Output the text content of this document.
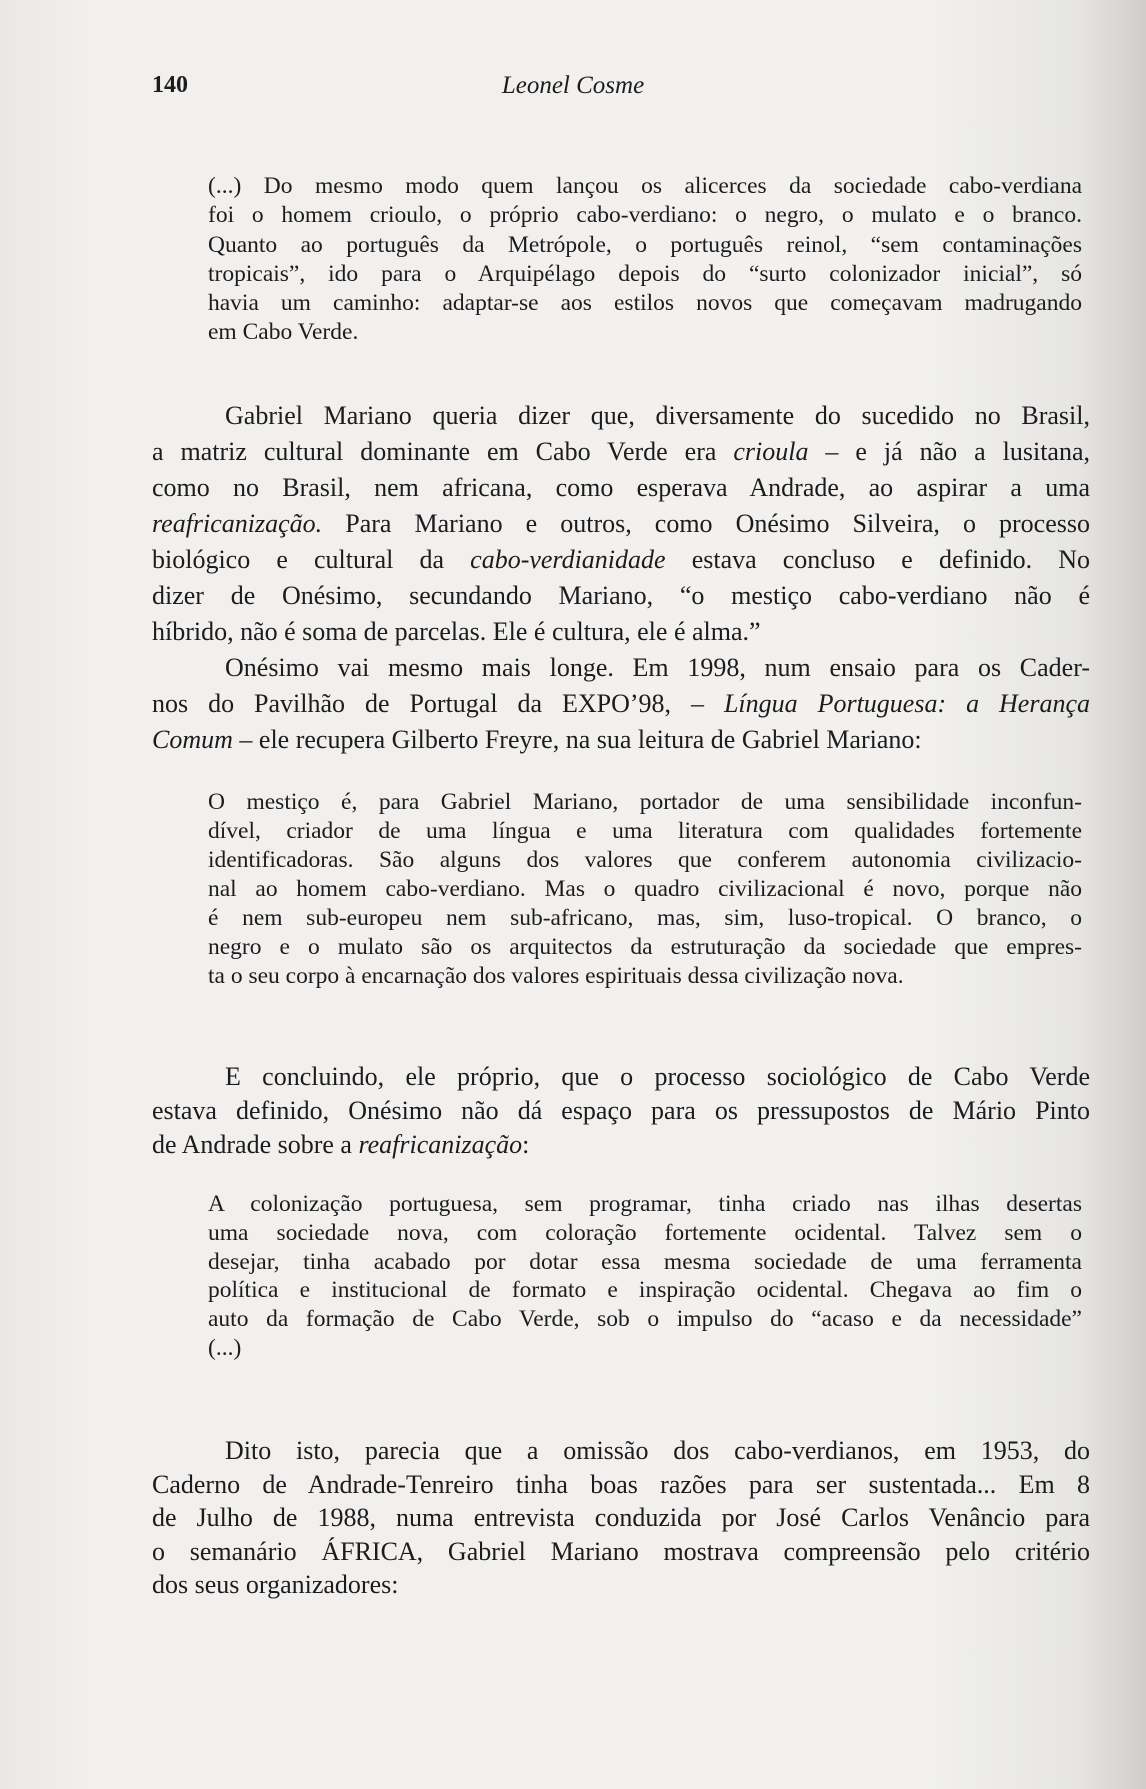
140	Leonel Cosme
(...) Do mesmo modo quem lançou os alicerces da sociedade cabo-verdiana
foi o homem crioulo, o próprio cabo-verdiano: o negro, o mulato e o branco.
Quanto ao português da Metrópole, o português reinol, “sem contaminações
tropicais”, ido para o Arquipélago depois do “surto colonizador inicial”, só
havia um caminho: adaptar-se aos estilos novos que começavam madrugando
em Cabo Verde.
Gabriel Mariano queria dizer que, diversamente do sucedido no Brasil,
a matriz cultural dominante em Cabo Verde era crioula – e já não a lusitana,
como no Brasil, nem africana, como esperava Andrade, ao aspirar a uma
reafricanização. Para Mariano e outros, como Onésimo Silveira, o processo
biológico e cultural da cabo-verdianidade estava concluso e definido. No
dizer de Onésimo, secundando Mariano, “o mestiço cabo-verdiano não é
híbrido, não é soma de parcelas. Ele é cultura, ele é alma.”
Onésimo vai mesmo mais longe. Em 1998, num ensaio para os Cader-
nos do Pavilhão de Portugal da EXPO’98, – Língua Portuguesa: a Herança
Comum – ele recupera Gilberto Freyre, na sua leitura de Gabriel Mariano:
O mestiço é, para Gabriel Mariano, portador de uma sensibilidade inconfun-
dível, criador de uma língua e uma literatura com qualidades fortemente
identificadoras. São alguns dos valores que conferem autonomia civilizacio-
nal ao homem cabo-verdiano. Mas o quadro civilizacional é novo, porque não
é nem sub-europeu nem sub-africano, mas, sim, luso-tropical. O branco, o
negro e o mulato são os arquitectos da estruturação da sociedade que empres-
ta o seu corpo à encarnação dos valores espirituais dessa civilização nova.
E concluindo, ele próprio, que o processo sociológico de Cabo Verde
estava definido, Onésimo não dá espaço para os pressupostos de Mário Pinto
de Andrade sobre a reafricanização:
A colonização portuguesa, sem programar, tinha criado nas ilhas desertas
uma sociedade nova, com coloração fortemente ocidental. Talvez sem o
desejar, tinha acabado por dotar essa mesma sociedade de uma ferramenta
política e institucional de formato e inspiração ocidental. Chegava ao fim o
auto da formação de Cabo Verde, sob o impulso do “acaso e da necessidade”
(...)
Dito isto, parecia que a omissão dos cabo-verdianos, em 1953, do
Caderno de Andrade-Tenreiro tinha boas razões para ser sustentada... Em 8
de Julho de 1988, numa entrevista conduzida por José Carlos Venâncio para
o semanário ÁFRICA, Gabriel Mariano mostrava compreensão pelo critério
dos seus organizadores:
